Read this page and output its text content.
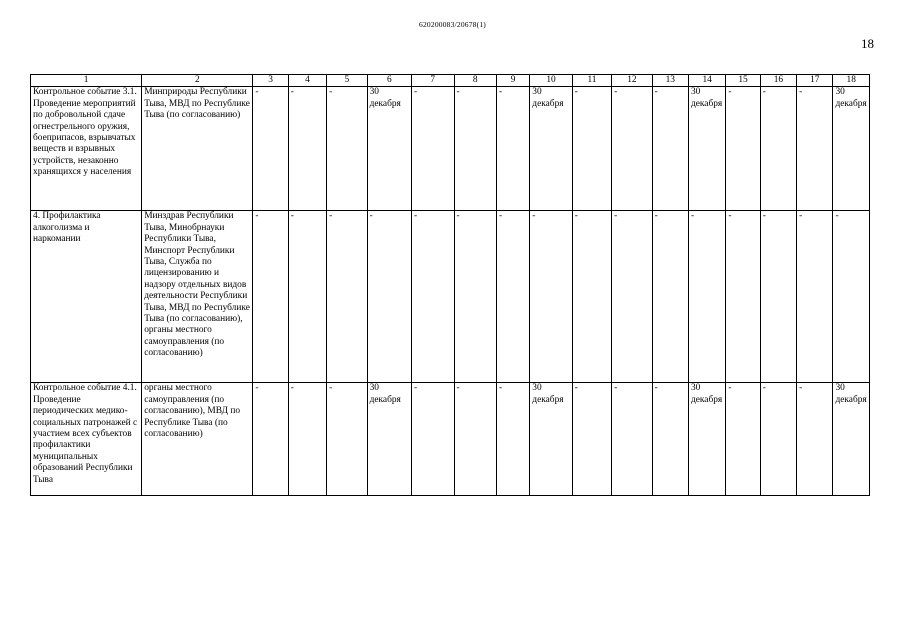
620200083/20678(1)
18
1	2	3	4	5	6	7	8	9	10	11	12	13	14	15	16	17	18
Контрольное событие 3.1. Проведение мероприятий по добровольной сдаче огнестрельного оружия, боеприпасов, взрывчатых веществ и взрывных устройств, незаконно хранящихся у населения	Минприроды Республики Тыва, МВД по Республике Тыва (по согласованию)	-	-	-	30 декабря	-	-	-	30 декабря	-	-	-	30 декабря	-	-	-	30 декабря
4. Профилактика алкоголизма и наркомании	Минздрав Республики Тыва, Минобрнауки Республики Тыва, Минспорт Республики Тыва, Служба по лицензированию и надзору отдельных видов деятельности Республики Тыва, МВД по Республике Тыва (по согласованию), органы местного самоуправления (по согласованию)	-	-	-	-	-	-	-	-	-	-	-	-	-	-	-	-
Контрольное событие 4.1. Проведение периодических медико-социальных патронажей с участием всех субъектов профилактики муниципальных образований Республики Тыва	органы местного самоуправления (по согласованию), МВД по Республике Тыва (по согласованию)	-	-	-	30 декабря	-	-	-	30 декабря	-	-	-	30 декабря	-	-	-	30 декабря
